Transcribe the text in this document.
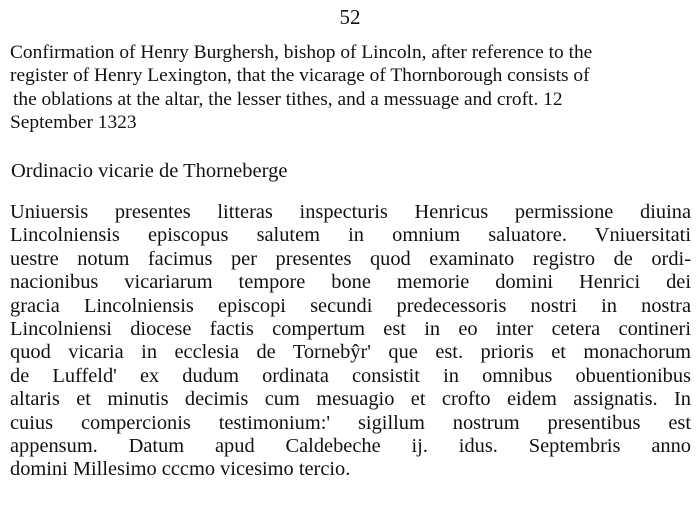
52
Confirmation of Henry Burghersh, bishop of Lincoln, after reference to the
register of Henry Lexington, that the vicarage of Thornborough consists of
the oblations at the altar, the lesser tithes, and a messuage and croft. 12
September 1323
Ordinacio vicarie de Thorneberge
Uniuersis presentes litteras inspecturis Henricus permissione diuina
Lincolniensis episcopus salutem in omnium saluatore. Vniuersitati
uestre notum facimus per presentes quod examinato registro de ordi-
nacionibus vicariarum tempore bone memorie domini Henrici dei
gracia Lincolniensis episcopi secundi predecessoris nostri in nostra
Lincolniensi diocese factis compertum est in eo inter cetera contineri
quod vicaria in ecclesia de Tornebŷr' que est. prioris et monachorum
de Luffeld' ex dudum ordinata consistit in omnibus obuentionibus
altaris et minutis decimis cum mesuagio et crofto eidem assignatis. In
cuius compercionis testimonium:' sigillum nostrum presentibus est
appensum. Datum apud Caldebeche ij. idus. Septembris anno
domini Millesimo cccmo vicesimo tercio.
